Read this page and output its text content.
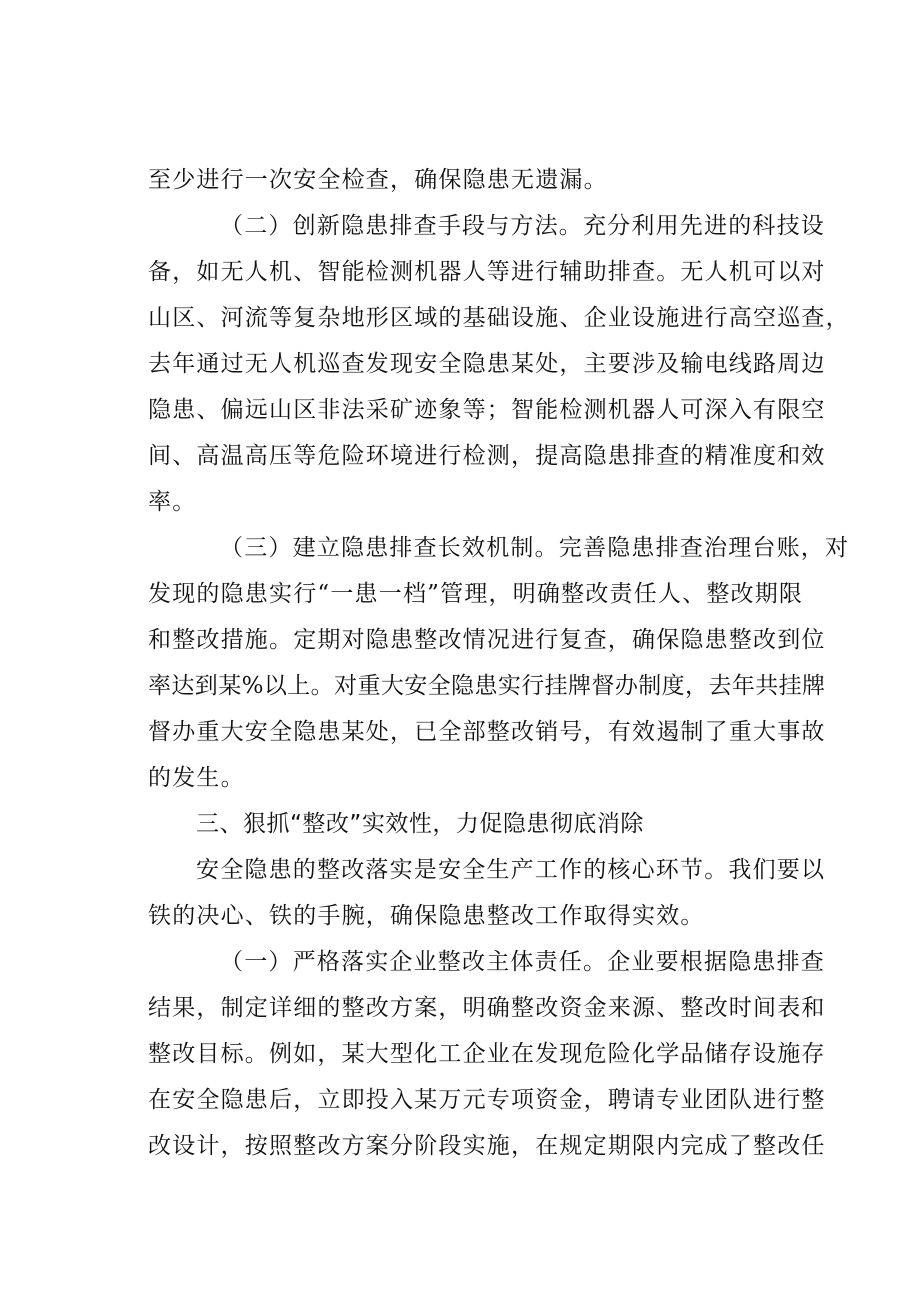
至少进行一次安全检查，确保隐患无遗漏。
（二）创新隐患排查手段与方法。充分利用先进的科技设
备，如无人机、智能检测机器人等进行辅助排查。无人机可以对
山区、河流等复杂地形区域的基础设施、企业设施进行高空巡查，
去年通过无人机巡查发现安全隐患某处，主要涉及输电线路周边
隐患、偏远山区非法采矿迹象等；智能检测机器人可深入有限空
间、高温高压等危险环境进行检测，提高隐患排查的精准度和效
率。
（三）建立隐患排查长效机制。完善隐患排查治理台账，对
发现的隐患实行“一患一档”管理，明确整改责任人、整改期限
和整改措施。定期对隐患整改情况进行复查，确保隐患整改到位
率达到某%以上。对重大安全隐患实行挂牌督办制度，去年共挂牌
督办重大安全隐患某处，已全部整改销号，有效遏制了重大事故
的发生。
三、狠抓“整改”实效性，力促隐患彻底消除
安全隐患的整改落实是安全生产工作的核心环节。我们要以
铁的决心、铁的手腕，确保隐患整改工作取得实效。
（一）严格落实企业整改主体责任。企业要根据隐患排查
结果，制定详细的整改方案，明确整改资金来源、整改时间表和
整改目标。例如，某大型化工企业在发现危险化学品储存设施存
在安全隐患后，立即投入某万元专项资金，聘请专业团队进行整
改设计，按照整改方案分阶段实施，在规定期限内完成了整改任
